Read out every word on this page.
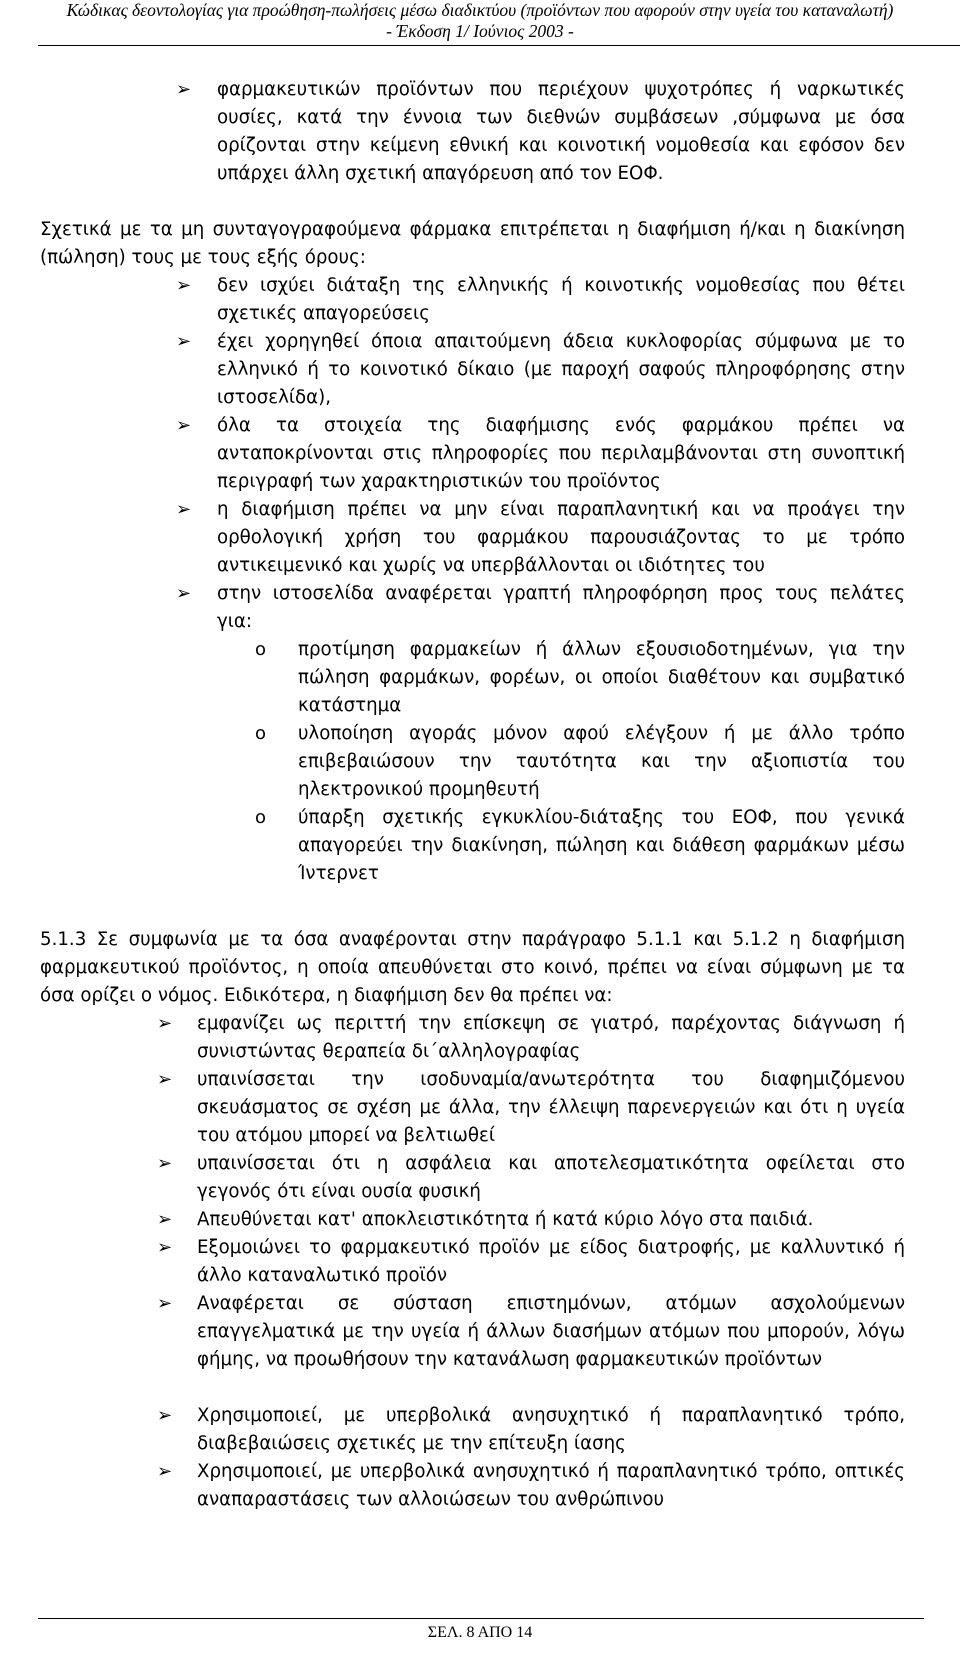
Κώδικας δεοντολογίας για προώθηση-πωλήσεις μέσω διαδικτύου (προϊόντων που αφορούν στην υγεία του καταναλωτή)
- Έκδοση 1/ Ιούνιος 2003 -
➢ φαρμακευτικών προϊόντων που περιέχουν ψυχοτρόπες ή ναρκωτικές ουσίες, κατά την έννοια των διεθνών συμβάσεων ,σύμφωνα με όσα ορίζονται στην κείμενη εθνική και κοινοτική νομοθεσία και εφόσον δεν υπάρχει άλλη σχετική απαγόρευση από τον ΕΟΦ.
Σχετικά με τα μη συνταγογραφούμενα φάρμακα επιτρέπεται η διαφήμιση ή/και η διακίνηση (πώληση) τους με τους εξής όρους:
➢ δεν ισχύει διάταξη της ελληνικής ή κοινοτικής νομοθεσίας που θέτει σχετικές απαγορεύσεις
➢ έχει χορηγηθεί όποια απαιτούμενη άδεια κυκλοφορίας σύμφωνα με το ελληνικό ή το κοινοτικό δίκαιο (με παροχή σαφούς πληροφόρησης στην ιστοσελίδα),
➢ όλα τα στοιχεία της διαφήμισης ενός φαρμάκου πρέπει να ανταποκρίνονται στις πληροφορίες που περιλαμβάνονται στη συνοπτική περιγραφή των χαρακτηριστικών του προϊόντος
➢ η διαφήμιση πρέπει να μην είναι παραπλανητική και να προάγει την ορθολογική χρήση του φαρμάκου παρουσιάζοντας το με τρόπο αντικειμενικό και χωρίς να υπερβάλλονται οι ιδιότητες του
➢ στην ιστοσελίδα αναφέρεται γραπτή πληροφόρηση προς τους πελάτες για:
o προτίμηση φαρμακείων ή άλλων εξουσιοδοτημένων, για την πώληση φαρμάκων, φορέων, οι οποίοι διαθέτουν και συμβατικό κατάστημα
o υλοποίηση αγοράς μόνον αφού ελέγξουν ή με άλλο τρόπο επιβεβαιώσουν την ταυτότητα και την αξιοπιστία του ηλεκτρονικού προμηθευτή
o ύπαρξη σχετικής εγκυκλίου-διάταξης του ΕΟΦ, που γενικά απαγορεύει την διακίνηση, πώληση και διάθεση φαρμάκων μέσω Ίντερνετ
5.1.3 Σε συμφωνία με τα όσα αναφέρονται στην παράγραφο 5.1.1 και 5.1.2 η διαφήμιση φαρμακευτικού προϊόντος, η οποία απευθύνεται στο κοινό, πρέπει να είναι σύμφωνη με τα όσα ορίζει ο νόμος. Ειδικότερα, η διαφήμιση δεν θα πρέπει να:
➢ εμφανίζει ως περιττή την επίσκεψη σε γιατρό, παρέχοντας διάγνωση ή συνιστώντας θεραπεία δι΄αλληλογραφίας
➢ υπαινίσσεται την ισοδυναμία/ανωτερότητα του διαφημιζόμενου σκευάσματος σε σχέση με άλλα, την έλλειψη παρενεργειών και ότι η υγεία του ατόμου μπορεί να βελτιωθεί
➢ υπαινίσσεται ότι η ασφάλεια και αποτελεσματικότητα οφείλεται στο γεγονός ότι είναι ουσία φυσική
➢ Απευθύνεται κατ' αποκλειστικότητα ή κατά κύριο λόγο στα παιδιά.
➢ Εξομοιώνει το φαρμακευτικό προϊόν με είδος διατροφής, με καλλυντικό ή άλλο καταναλωτικό προϊόν
➢ Αναφέρεται σε σύσταση επιστημόνων, ατόμων ασχολούμενων επαγγελματικά με την υγεία ή άλλων διασήμων ατόμων που μπορούν, λόγω φήμης, να προωθήσουν την κατανάλωση φαρμακευτικών προϊόντων
➢ Χρησιμοποιεί, με υπερβολικά ανησυχητικό ή παραπλανητικό τρόπο, διαβεβαιώσεις σχετικές με την επίτευξη ίασης
➢ Χρησιμοποιεί, με υπερβολικά ανησυχητικό ή παραπλανητικό τρόπο, οπτικές αναπαραστάσεις των αλλοιώσεων του ανθρώπινου
ΣΕΛ. 8 ΑΠΟ 14
